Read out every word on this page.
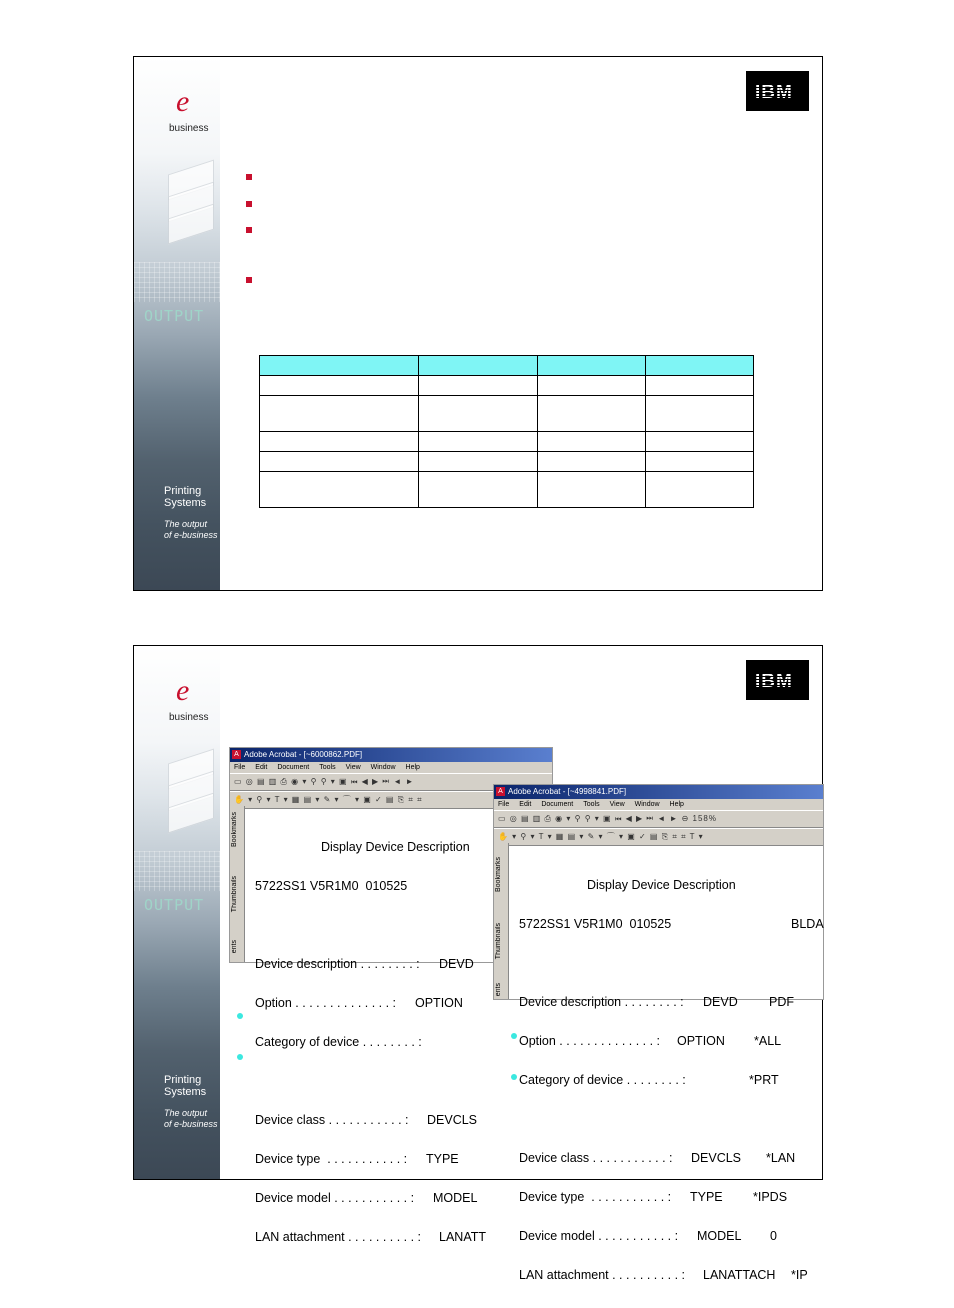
e
business
OUTPUT
Printing
Systems
The output
of e-business
IBM

e
business
OUTPUT
Printing
Systems
The output
of e-business
IBM
A Adobe Acrobat - [~6000862.PDF]
File Edit Document Tools View Window Help
▭ ◎ ▤ ▥ ⎙ ◉ ▾ ⚲ ⚲ ▾ ▣ ⏮ ◀ ▶ ⏭ ◄ ►
✋ ▾ ⚲ ▾ T ▾ ▦ ▤ ▾ ✎ ▾ ⌒ ▾ ▣ ✓ ▤ ⎘ ⌗ ⌗
Bookmarks
Thumbnails
ents

Display Device Description

5722SS1 V5R1M0  010525

Device description . . . . . . . . : DEVD

Option . . . . . . . . . . . . . . : OPTION

Category of device . . . . . . . . :

Device class . . . . . . . . . . . : DEVCLS

Device type  . . . . . . . . . . . : TYPE

Device model . . . . . . . . . . . : MODEL

LAN attachment . . . . . . . . . . : LANATT

A Adobe Acrobat - [~4998841.PDF]
File Edit Document Tools View Window Help
▭ ◎ ▤ ▥ ⎙ ◉ ▾ ⚲ ⚲ ▾ ▣ ⏮ ◀ ▶ ⏭ ◄ ► ⊖ 158%
✋ ▾ ⚲ ▾ T ▾ ▦ ▤ ▾ ✎ ▾ ⌒ ▾ ▣ ✓ ▤ ⎘ ⌗ ⌗ T ▾
Bookmarks
Thumbnails
ents

Display Device Description

5722SS1 V5R1M0  010525	BLDA

Device description . . . . . . . . : DEVD	PDF

Option . . . . . . . . . . . . . . : OPTION *ALL

Category of device . . . . . . . . :	*PRT

Device class . . . . . . . . . . . : DEVCLS *LAN

Device type  . . . . . . . . . . . : TYPE *IPDS

Device model . . . . . . . . . . . : MODEL 0

LAN attachment . . . . . . . . . . : LANATTACH *IP
